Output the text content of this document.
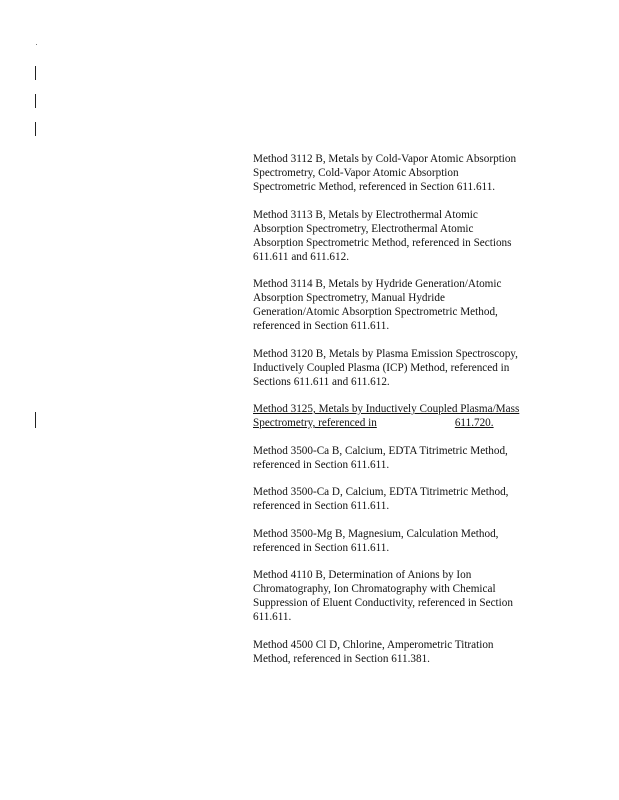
Method 3112 B, Metals by Cold-Vapor Atomic Absorption
Spectrometry, Cold-Vapor Atomic Absorption
Spectrometric Method, referenced in Section 611.611.
Method 3113 B, Metals by Electrothermal Atomic
Absorption Spectrometry, Electrothermal Atomic
Absorption Spectrometric Method, referenced in Sections
611.611 and 611.612.
Method 3114 B, Metals by Hydride Generation/Atomic
Absorption Spectrometry, Manual Hydride
Generation/Atomic Absorption Spectrometric Method,
referenced in Section 611.611.
Method 3120 B, Metals by Plasma Emission Spectroscopy,
Inductively Coupled Plasma (ICP) Method, referenced in
Sections 611.611 and 611.612.
Method 3125, Metals by Inductively Coupled Plasma/Mass
Spectrometry, referenced in	611.720.
Method 3500-Ca B, Calcium, EDTA Titrimetric Method,
referenced in Section 611.611.
Method 3500-Ca D, Calcium, EDTA Titrimetric Method,
referenced in Section 611.611.
Method 3500-Mg B, Magnesium, Calculation Method,
referenced in Section 611.611.
Method 4110 B, Determination of Anions by Ion
Chromatography, Ion Chromatography with Chemical
Suppression of Eluent Conductivity, referenced in Section
611.611.
Method 4500 Cl D, Chlorine, Amperometric Titration
Method, referenced in Section 611.381.
